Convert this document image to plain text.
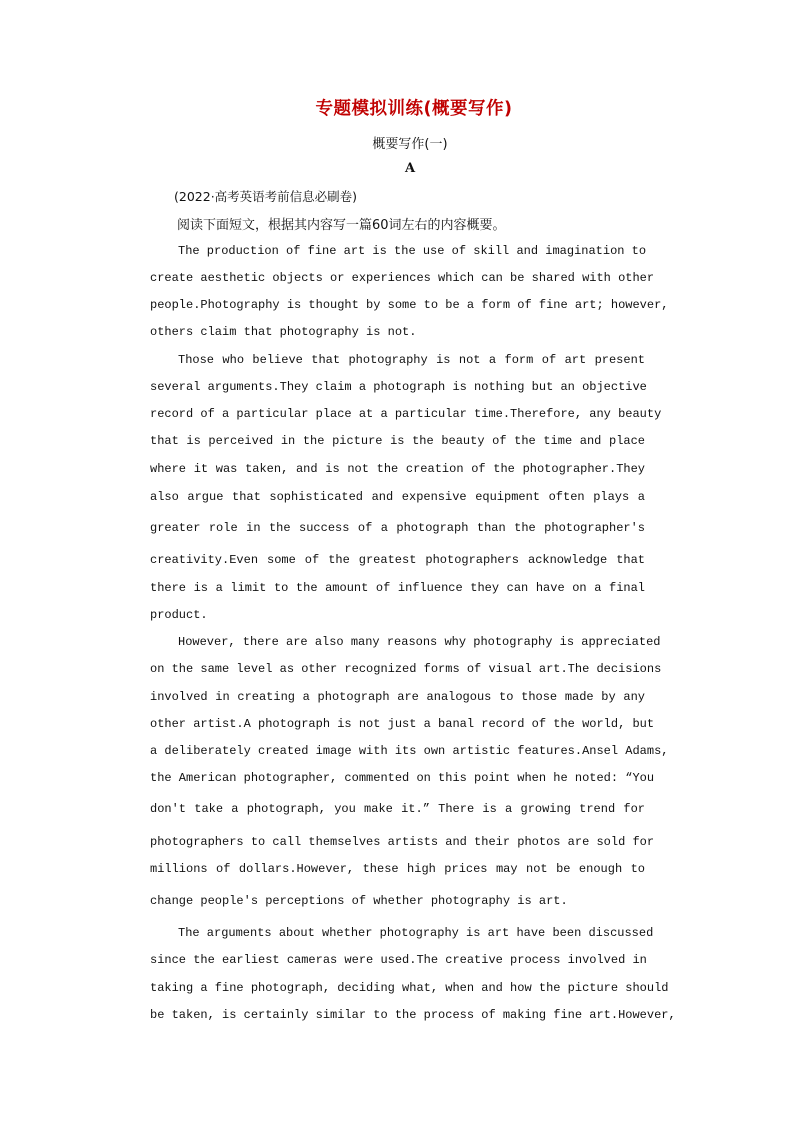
专题模拟训练(概要写作)
概要写作(一)
A
(2022·高考英语考前信息必刷卷)
阅读下面短文，根据其内容写一篇60词左右的内容概要。
The production of fine art is the use of skill and imagination to
create aesthetic objects or experiences which can be shared with other
people.Photography is thought by some to be a form of fine art; however,
others claim that photography is not.
Those who believe that photography is not a form of art present
several arguments.They claim a photograph is nothing but an objective
record of a particular place at a particular time.Therefore, any beauty
that is perceived in the picture is the beauty of the time and place
where it was taken, and is not the creation of the photographer.They
also argue that sophisticated and expensive equipment often plays a
greater role in the success of a photograph than the photographer's
creativity.Even some of the greatest photographers acknowledge that
there is a limit to the amount of influence they can have on a final
product.
However, there are also many reasons why photography is appreciated
on the same level as other recognized forms of visual art.The decisions
involved in creating a photograph are analogous to those made by any
other artist.A photograph is not just a banal record of the world, but
a deliberately created image with its own artistic features.Ansel Adams,
the American photographer, commented on this point when he noted: “You
don't take a photograph, you make it.” There is a growing trend for
photographers to call themselves artists and their photos are sold for
millions of dollars.However, these high prices may not be enough to
change people's perceptions of whether photography is art.
The arguments about whether photography is art have been discussed
since the earliest cameras were used.The creative process involved in
taking a fine photograph, deciding what, when and how the picture should
be taken, is certainly similar to the process of making fine art.However,
